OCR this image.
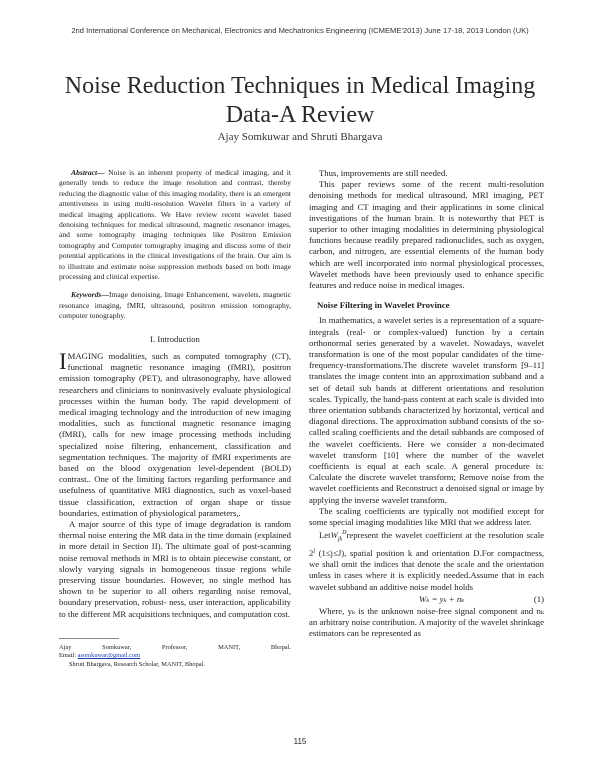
2nd International Conference on Mechanical, Electronics and Mechatronics Engineering (ICMEME'2013) June 17-18, 2013 London (UK)
Noise Reduction Techniques in Medical Imaging Data-A Review
Ajay Somkuwar and Shruti Bhargava

Abstract— Noise is an inherent property of medical imaging, and it generally tends to reduce the image resolution and contrast, thereby reducing the diagnostic value of this imaging modality, there is an emergent attentiveness in using multi-resolution Wavelet filters in a variety of medical imaging applications. We Have review recent wavelet based denoising techniques for medical ultrasound, magnetic resonance images, and some tomography imaging techniques like Positron Emission tomography and Computer tomography imaging and discuss some of their potential applications in the clinical investigations of the brain. Our aim is to illustrate and estimate noise suppression methods based on both image processing and clinical expertise.

Keywords—Image denoising, Image Enhancement, wavelets, magnetic resonance imaging, fMRI, ultrasound, positron emission tomography, computer tonography.

I. Introduction

IMAGING modalities, such as computed tomography (CT), functional magnetic resonance imaging (fMRI), positron emission tomography (PET), and ultrasonography, have allowed researchers and clinicians to noninvasively evaluate physiological processes within the human body. The rapid development of medical imaging technology and the introduction of new imaging modalities, such as functional magnetic resonance imaging (fMRI), calls for new image processing methods including specialized noise filtering, enhancement, classification and segmentation techniques. The majority of fMRI experiments are based on the blood oxygenation level-dependent (BOLD) contrast.. One of the limiting factors regarding performance and usefulness of quantitative MRI diagnostics, such as voxel-based tissue classification, extraction of organ shape or tissue boundaries, estimation of physiological parameters,.

A major source of this type of image degradation is random thermal noise entering the MR data in the time domain (explained in more detail in Section II). The ultimate goal of post-scanning noise removal methods in MRI is to obtain piecewise constant, or slowly varying signals in homogeneous tissue regions while preserving tissue boundaries. However, no single method has shown to be superior to all others regarding noise removal, boundary preservation, robust- ness, user interaction, applicability to the different MR acquisitions techniques, and computation cost.

Ajay	Somkuwar,	Professor,	MANIT,	Bhopal.
Email: asomkuwar@gmail.com
Shruti Bhargava, Research Scholar, MANIT, Bhopal.

Thus, improvements are still needed.

This paper reviews some of the recent multi-resolution denoising methods for medical ultrasound, MRI imaging, PET imaging and CT imaging and their applications in some clinical investigations of the human brain. It is noteworthy that PET is superior to other imaging modalities in determining physiological functions because readily prepared radionuclides, such as oxygen, carbon, and nitrogen, are essential elements of the human body which are well incorporated into normal physiological processes, Wavelet methods have been previously used to enhance specific features and reduce noise in medical images.

Noise Filtering in Wavelet Province

In mathematics, a wavelet series is a representation of a square-integrals (real- or complex-valued) function by a certain orthonormal series generated by a wavelet. Nowadays, wavelet transformation is one of the most popular candidates of the time-frequency-transformations.The discrete wavelet transform [9–11] translates the image content into an approximation subband and a set of detail sub bands at different orientations and resolution scales. Typically, the band-pass content at each scale is divided into three orientation subbands characterized by horizontal, vertical and diagonal directions. The approximation subband consists of the so-called scaling coefficients and the detail subbands are composed of the wavelet coefficients. Here we consider a non-decimated wavelet transform [10] where the number of the wavelet coefficients is equal at each scale. A general procedure is: Calculate the discrete wavelet transform; Remove noise from the wavelet coefficients and Reconstruct a denoised signal or image by applying the inverse wavelet transform.

The scaling coefficients are typically not modified except for some special imaging modalities like MRI that we address later.

LetW$_{jk}^D$represent the wavelet coefficient at the resolution scale 2$^j$ (1≤j≤J), spatial position k and orientation D.For compactness, we shall omit the indices that denote the scale and the orientation unless in cases where it is explicitly needed.Assume that in each wavelet subband an additive noise model holds

Wₖ = yₖ + nₖ	(1)

Where, yₖ is the unknown noise-free signal component and nₖ an arbitrary noise contribution. A majority of the wavelet shrinkage estimators can be represented as

115
